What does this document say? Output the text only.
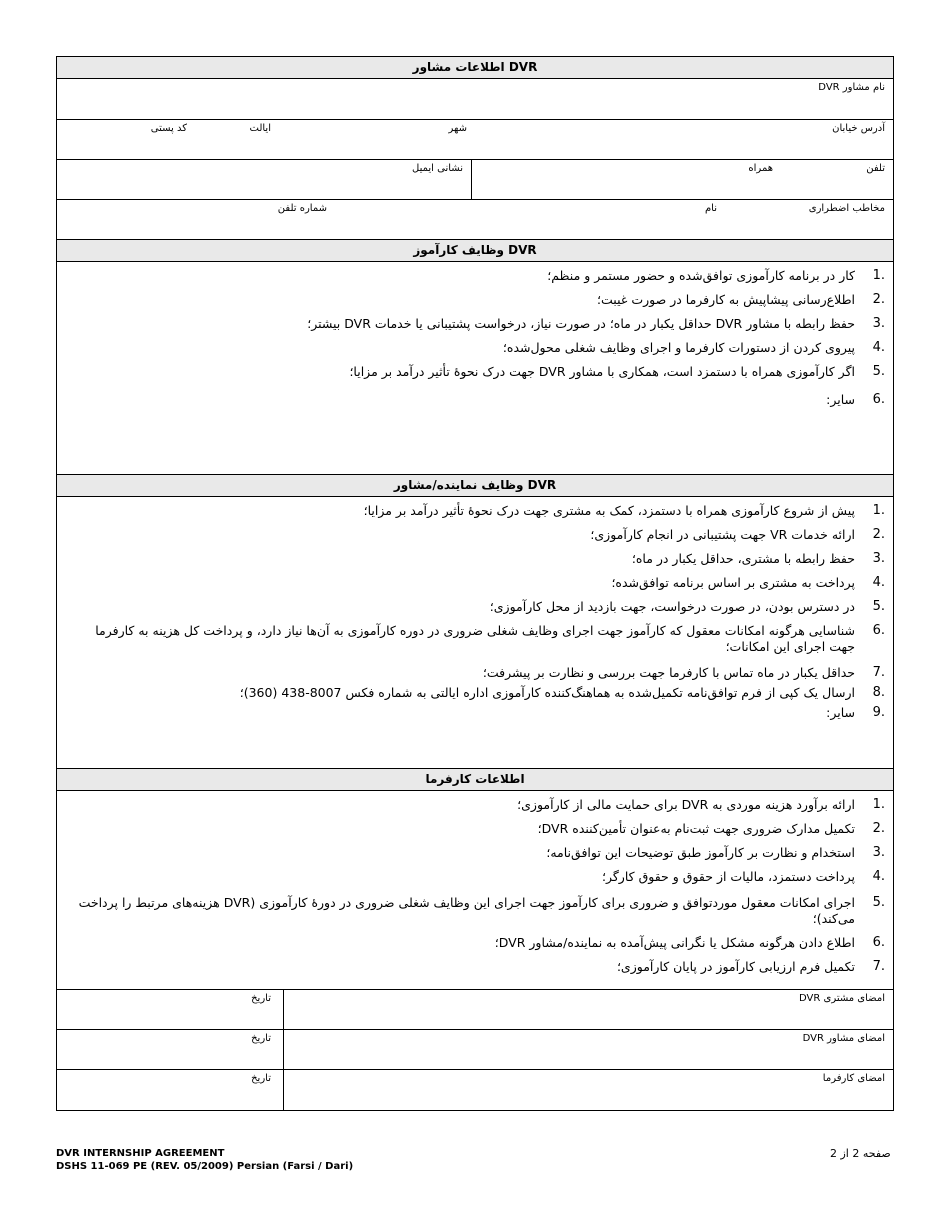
اطلاعات مشاور DVR
نام مشاور DVR
آدرس خیابان
شهر
ایالت
کد پستی
تلفن
همراه
نشانی ایمیل
مخاطب اضطراری
نام
شماره تلفن
وظایف کارآموز DVR
1.
کار در برنامه کارآموزی توافق‌شده و حضور مستمر و منظم؛
2.
اطلاع‌رسانی پیشاپیش به کارفرما در صورت غیبت؛
3.
حفظ رابطه با مشاور DVR حداقل یکبار در ماه؛ در صورت نیاز، درخواست پشتیبانی یا خدمات DVR بیشتر؛
4.
پیروی کردن از دستورات کارفرما و اجرای وظایف شغلی محول‌شده؛
5.
اگر کارآموزی همراه با دستمزد است، همکاری با مشاور DVR جهت درک نحوهٔ تأثیر درآمد بر مزایا؛
6.
سایر:
وظایف نماینده/مشاور DVR
1.
پیش از شروع کارآموزی همراه با دستمزد، کمک به مشتری جهت درک نحوهٔ تأثیر درآمد بر مزایا؛
2.
ارائه خدمات VR جهت پشتیبانی در انجام کارآموزی؛
3.
حفظ رابطه با مشتری، حداقل یکبار در ماه؛
4.
پرداخت به مشتری بر اساس برنامه توافق‌شده؛
5.
در دسترس بودن، در صورت درخواست، جهت بازدید از محل کارآموزی؛
6.
شناسایی هرگونه امکانات معقول که کارآموز جهت اجرای وظایف شغلی ضروری در دوره کارآموزی به آن‌ها نیاز دارد، و پرداخت کل هزینه به کارفرما جهت اجرای این امکانات؛
7.
حداقل یکبار در ماه تماس با کارفرما جهت بررسی و نظارت بر پیشرفت؛
8.
ارسال یک کپی از فرم توافق‌نامه تکمیل‌شده به هماهنگ‌کننده کارآموزی اداره ایالتی به شماره فکس 8007-438 (360)؛
9.
سایر:
اطلاعات کارفرما
1.
ارائه برآورد هزینه موردی به DVR برای حمایت مالی از کارآموزی؛
2.
تکمیل مدارک ضروری جهت ثبت‌نام به‌عنوان تأمین‌کننده DVR؛
3.
استخدام و نظارت بر کارآموز طبق توضیحات این توافق‌نامه؛
4.
پرداخت دستمزد، مالیات از حقوق و حقوق کارگر؛
5.
اجرای امکانات معقول موردتوافق و ضروری برای کارآموز جهت اجرای این وظایف شغلی ضروری در دورهٔ کارآموزی (DVR هزینه‌های مرتبط را پرداخت می‌کند)؛
6.
اطلاع دادن هرگونه مشکل یا نگرانی پیش‌آمده به نماینده/مشاور DVR؛
7.
تکمیل فرم ارزیابی کارآموز در پایان کارآموزی؛
امضای مشتری DVR
تاریخ
امضای مشاور DVR
تاریخ
امضای کارفرما
تاریخ
DVR INTERNSHIP AGREEMENT
DSHS 11-069 PE (REV. 05/2009) Persian (Farsi / Dari)
صفحه 2 از 2
